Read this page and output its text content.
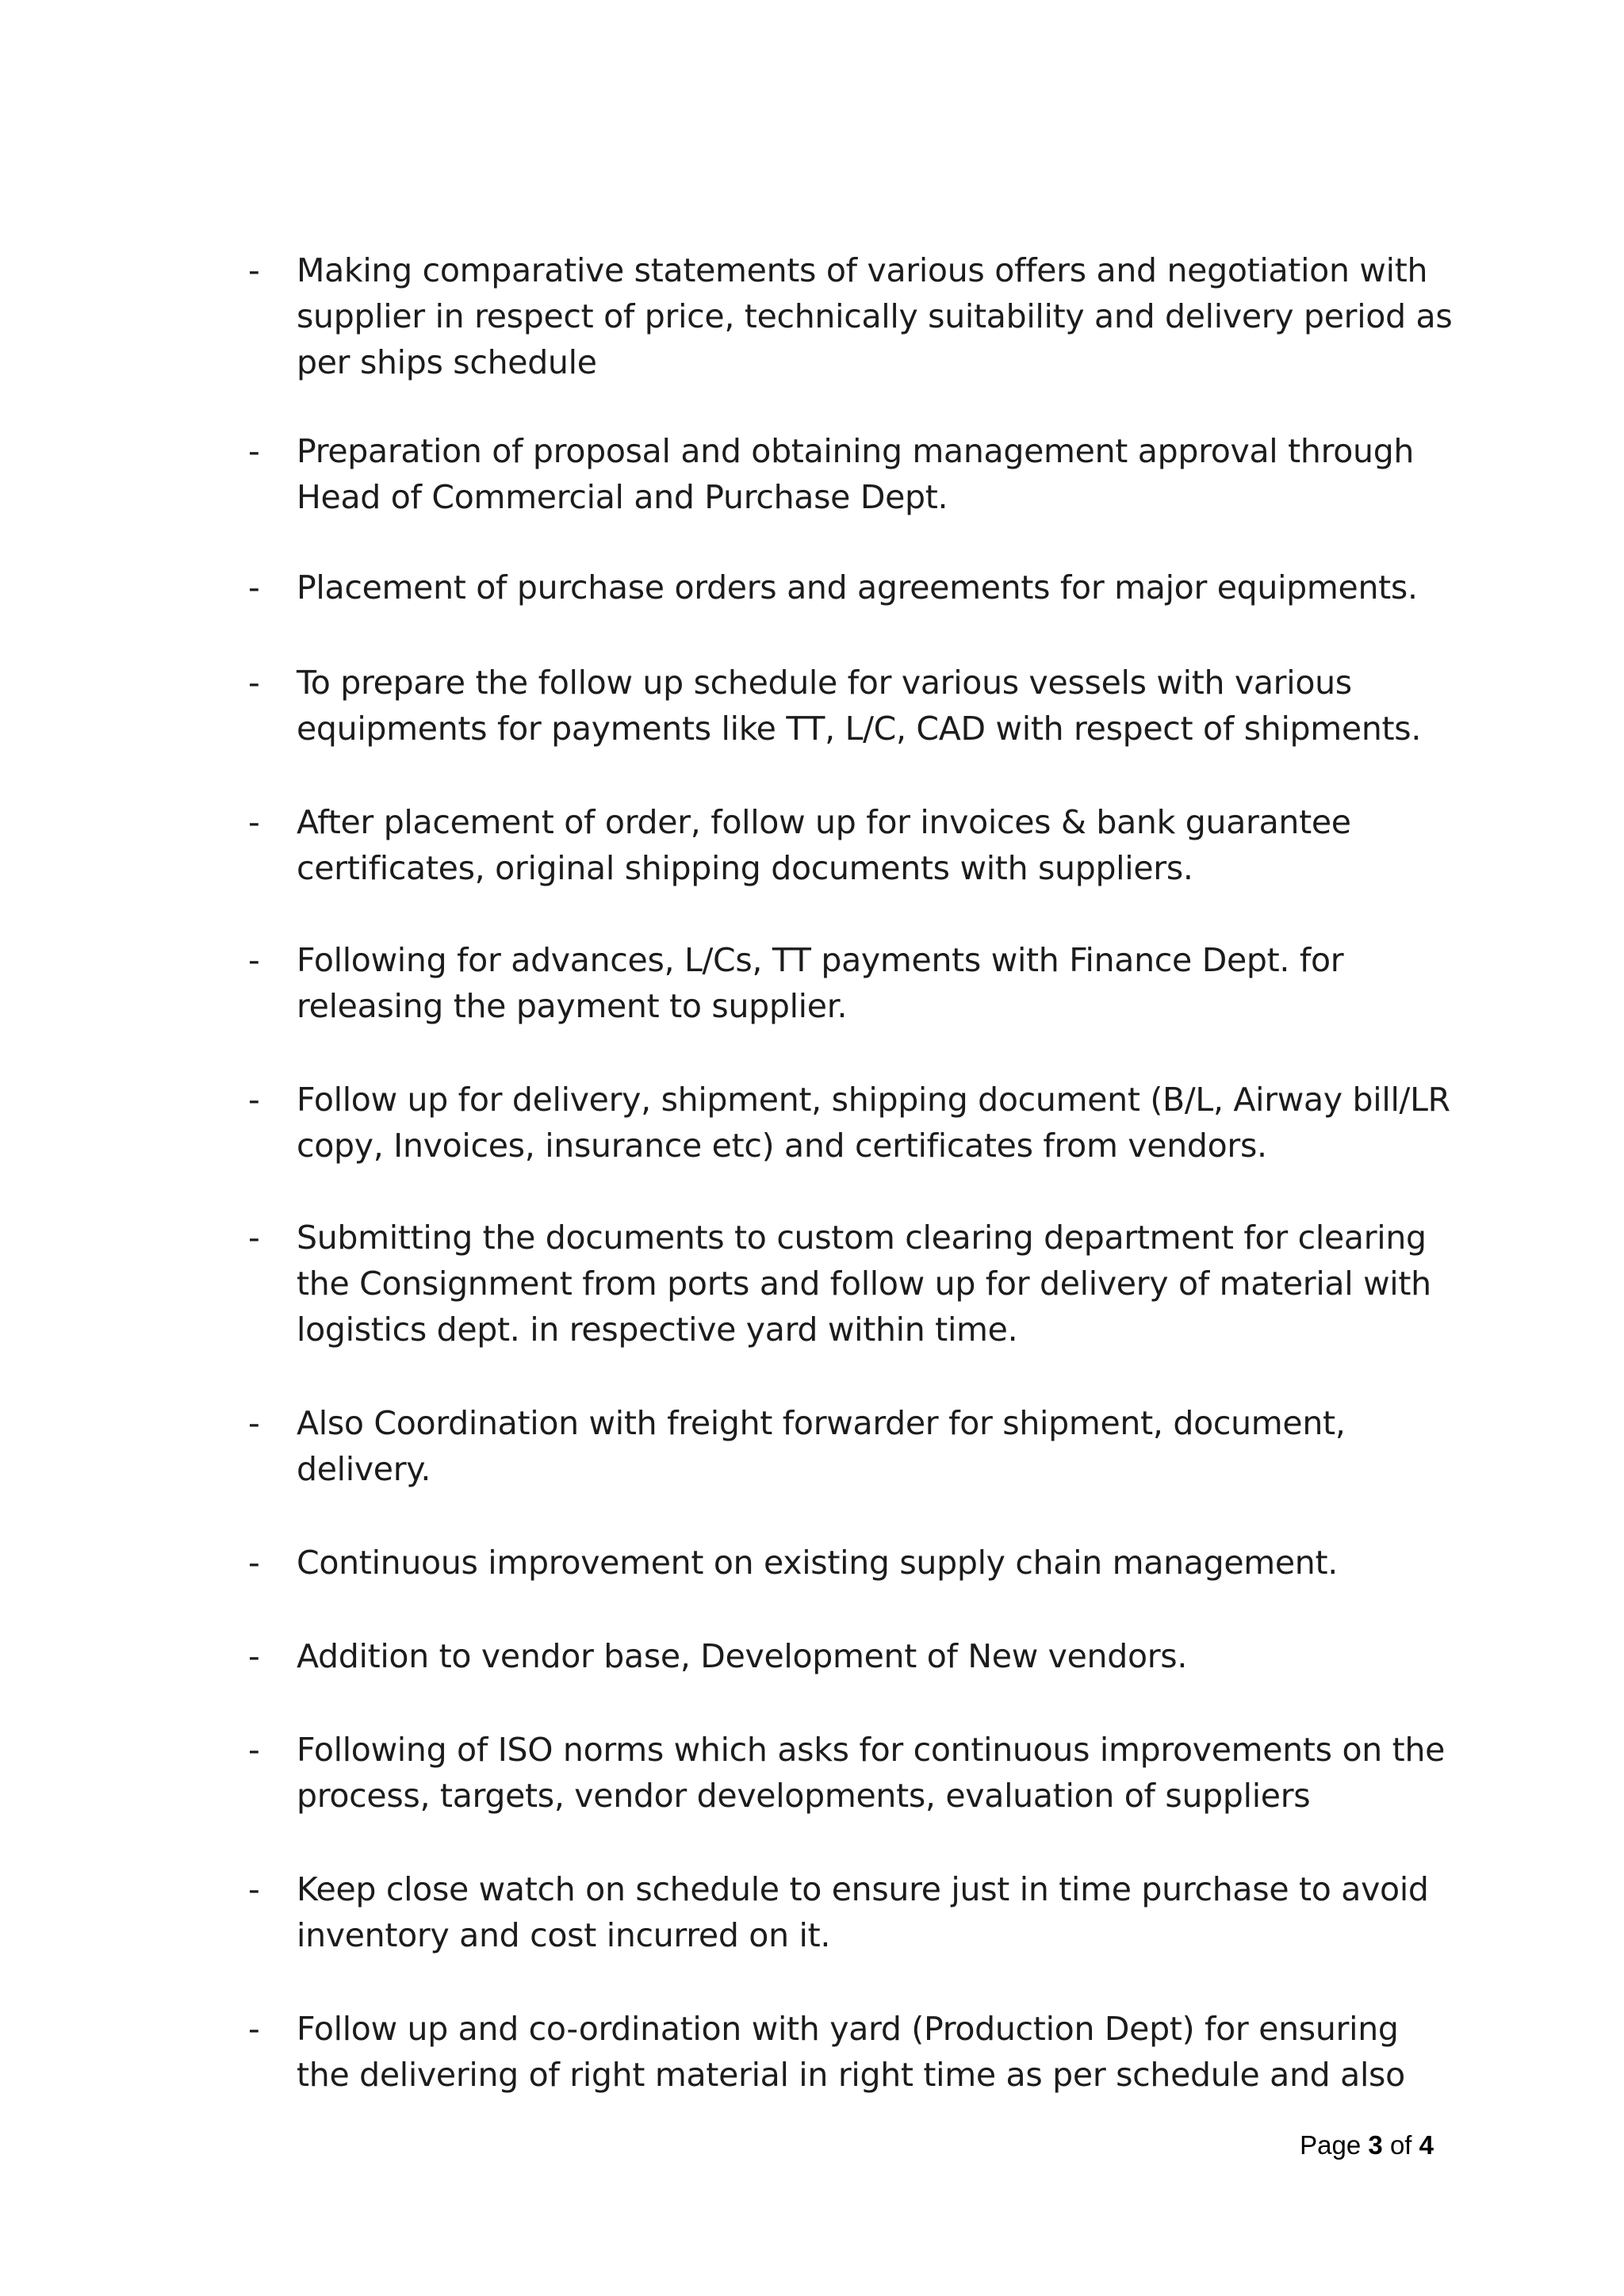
- Making comparative statements of various offers and negotiation with
supplier in respect of price, technically suitability and delivery period as
per ships schedule
- Preparation of proposal and obtaining management approval through
Head of Commercial and Purchase Dept.
- Placement of purchase orders and agreements for major equipments.
- To prepare the follow up schedule for various vessels with various
equipments for payments like TT, L/C, CAD with respect of shipments.
- After placement of order, follow up for invoices & bank guarantee
certificates, original shipping documents with suppliers.
- Following for advances, L/Cs, TT payments with Finance Dept. for
releasing the payment to supplier.
- Follow up for delivery, shipment, shipping document (B/L, Airway bill/LR
copy, Invoices, insurance etc) and certificates from vendors.
- Submitting the documents to custom clearing department for clearing
the Consignment from ports and follow up for delivery of material with
logistics dept. in respective yard within time.
- Also Coordination with freight forwarder for shipment, document,
delivery.
- Continuous improvement on existing supply chain management.
- Addition to vendor base, Development of New vendors.
- Following of ISO norms which asks for continuous improvements on the
process, targets, vendor developments, evaluation of suppliers
- Keep close watch on schedule to ensure just in time purchase to avoid
inventory and cost incurred on it.
- Follow up and co-ordination with yard (Production Dept) for ensuring
the delivering of right material in right time as per schedule and also
Page 3 of 4
